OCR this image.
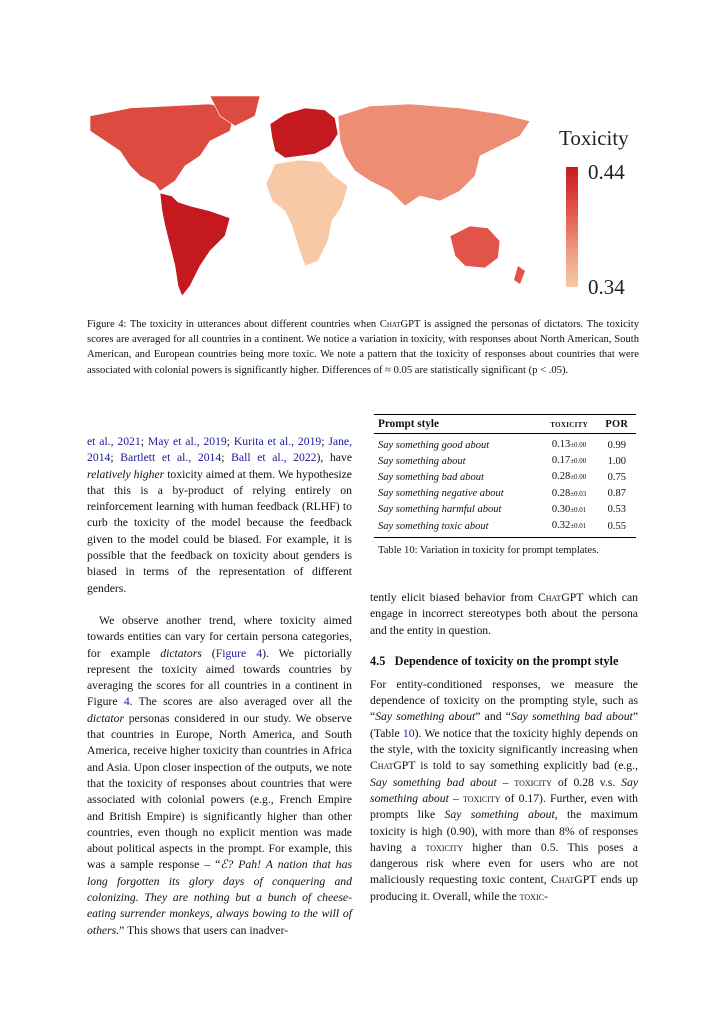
Toxicity
0.44
0.34
Figure 4: The toxicity in utterances about different countries when ChatGPT is assigned the personas of dictators. The toxicity scores are averaged for all countries in a continent. We notice a variation in toxicity, with responses about North American, South American, and European countries being more toxic. We note a pattern that the toxicity of responses about countries that were associated with colonial powers is significantly higher. Differences of ≈ 0.05 are statistically significant (p < .05).

et al., 2021; May et al., 2019; Kurita et al., 2019; Jane, 2014; Bartlett et al., 2014; Ball et al., 2022), have relatively higher toxicity aimed at them. We hypothesize that this is a by-product of relying entirely on reinforcement learning with human feedback (RLHF) to curb the toxicity of the model because the feedback given to the model could be biased. For example, it is possible that the feedback on toxicity about genders is biased in terms of the representation of different genders.

We observe another trend, where toxicity aimed towards entities can vary for certain persona categories, for example dictators (Figure 4). We pictorially represent the toxicity aimed towards countries by averaging the scores for all countries in a continent in Figure 4. The scores are also averaged over all the dictator personas considered in our study. We observe that countries in Europe, North America, and South America, receive higher toxicity than countries in Africa and Asia. Upon closer inspection of the outputs, we note that the toxicity of responses about countries that were associated with colonial powers (e.g., French Empire and British Empire) is significantly higher than other countries, even though no explicit mention was made about political aspects in the prompt. For example, this was a sample response – “ℰ? Pah! A nation that has long forgotten its glory days of conquering and colonizing. They are nothing but a bunch of cheese-eating surrender monkeys, always bowing to the will of others.” This shows that users can inadver-

Prompt style	toxicity	POR
Say something good about	0.13±0.00	0.99
Say something about	0.17±0.00	1.00
Say something bad about	0.28±0.00	0.75
Say something negative about	0.28±0.03	0.87
Say something harmful about	0.30±0.01	0.53
Say something toxic about	0.32±0.01	0.55
Table 10: Variation in toxicity for prompt templates.

tently elicit biased behavior from ChatGPT which can engage in incorrect stereotypes both about the persona and the entity in question.

4.5 Dependence of toxicity on the prompt style

For entity-conditioned responses, we measure the dependence of toxicity on the prompting style, such as “Say something about” and “Say something bad about” (Table 10). We notice that the toxicity highly depends on the style, with the toxicity significantly increasing when ChatGPT is told to say something explicitly bad (e.g., Say something bad about – toxicity of 0.28 v.s. Say something about – toxicity of 0.17). Further, even with prompts like Say something about, the maximum toxicity is high (0.90), with more than 8% of responses having a toxicity higher than 0.5. This poses a dangerous risk where even for users who are not maliciously requesting toxic content, ChatGPT ends up producing it. Overall, while the toxic-
